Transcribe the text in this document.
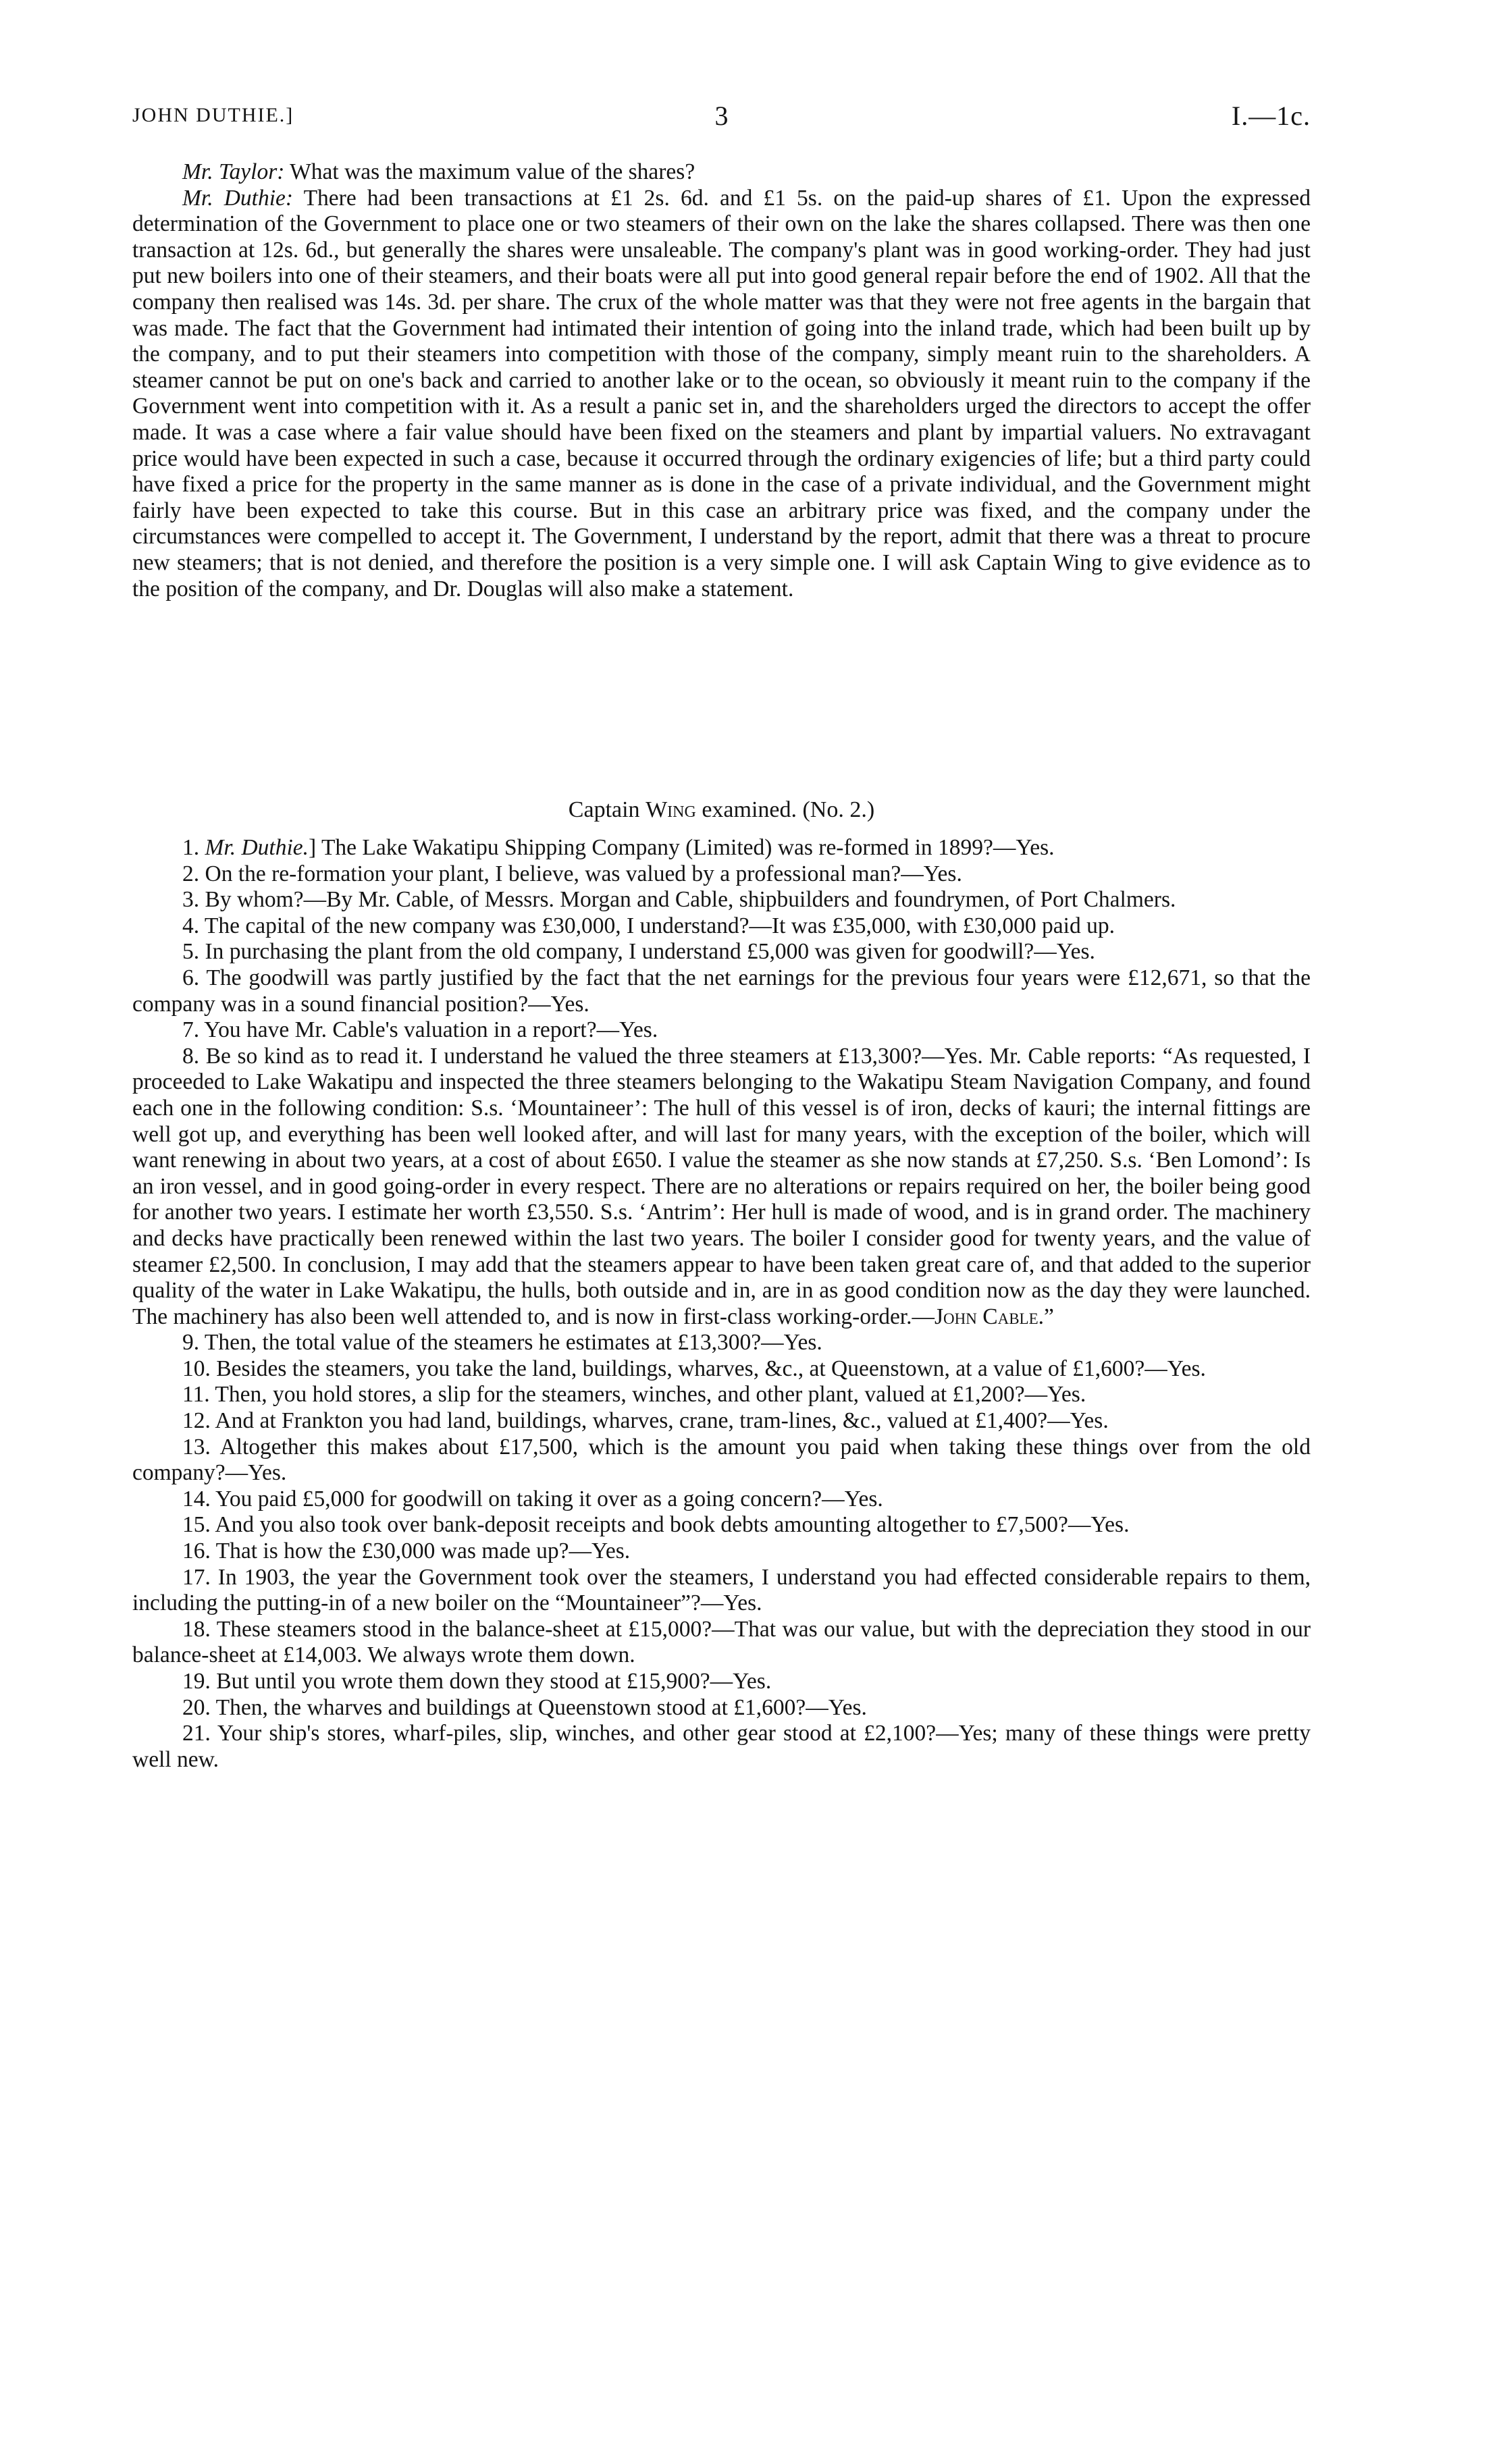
JOHN DUTHIE.]	3	I.—1c.

Mr. Taylor: What was the maximum value of the shares?

Mr. Duthie: There had been transactions at £1 2s. 6d. and £1 5s. on the paid-up shares of £1. Upon the expressed determination of the Government to place one or two steamers of their own on the lake the shares collapsed. There was then one transaction at 12s. 6d., but generally the shares were unsaleable. The company's plant was in good working-order. They had just put new boilers into one of their steamers, and their boats were all put into good general repair before the end of 1902. All that the company then realised was 14s. 3d. per share. The crux of the whole matter was that they were not free agents in the bargain that was made. The fact that the Government had intimated their intention of going into the inland trade, which had been built up by the company, and to put their steamers into competition with those of the company, simply meant ruin to the shareholders. A steamer cannot be put on one's back and carried to another lake or to the ocean, so obviously it meant ruin to the company if the Government went into competition with it. As a result a panic set in, and the shareholders urged the directors to accept the offer made. It was a case where a fair value should have been fixed on the steamers and plant by impartial valuers. No extravagant price would have been expected in such a case, because it occurred through the ordinary exigencies of life; but a third party could have fixed a price for the property in the same manner as is done in the case of a private individual, and the Government might fairly have been expected to take this course. But in this case an arbitrary price was fixed, and the company under the circumstances were compelled to accept it. The Government, I understand by the report, admit that there was a threat to procure new steamers; that is not denied, and therefore the position is a very simple one. I will ask Captain Wing to give evidence as to the position of the company, and Dr. Douglas will also make a statement.

Captain Wing examined. (No. 2.)

1. Mr. Duthie.] The Lake Wakatipu Shipping Company (Limited) was re-formed in 1899?—Yes.

2. On the re-formation your plant, I believe, was valued by a professional man?—Yes.

3. By whom?—By Mr. Cable, of Messrs. Morgan and Cable, shipbuilders and foundrymen, of Port Chalmers.

4. The capital of the new company was £30,000, I understand?—It was £35,000, with £30,000 paid up.

5. In purchasing the plant from the old company, I understand £5,000 was given for goodwill?—Yes.

6. The goodwill was partly justified by the fact that the net earnings for the previous four years were £12,671, so that the company was in a sound financial position?—Yes.

7. You have Mr. Cable's valuation in a report?—Yes.

8. Be so kind as to read it. I understand he valued the three steamers at £13,300?—Yes. Mr. Cable reports: “As requested, I proceeded to Lake Wakatipu and inspected the three steamers belonging to the Wakatipu Steam Navigation Company, and found each one in the following condition: S.s. ‘Mountaineer’: The hull of this vessel is of iron, decks of kauri; the internal fittings are well got up, and everything has been well looked after, and will last for many years, with the exception of the boiler, which will want renewing in about two years, at a cost of about £650. I value the steamer as she now stands at £7,250. S.s. ‘Ben Lomond’: Is an iron vessel, and in good going-order in every respect. There are no alterations or repairs required on her, the boiler being good for another two years. I estimate her worth £3,550. S.s. ‘Antrim’: Her hull is made of wood, and is in grand order. The machinery and decks have practically been renewed within the last two years. The boiler I consider good for twenty years, and the value of steamer £2,500. In conclusion, I may add that the steamers appear to have been taken great care of, and that added to the superior quality of the water in Lake Wakatipu, the hulls, both outside and in, are in as good condition now as the day they were launched. The machinery has also been well attended to, and is now in first-class working-order.—John Cable.”

9. Then, the total value of the steamers he estimates at £13,300?—Yes.

10. Besides the steamers, you take the land, buildings, wharves, &c., at Queenstown, at a value of £1,600?—Yes.

11. Then, you hold stores, a slip for the steamers, winches, and other plant, valued at £1,200?—Yes.

12. And at Frankton you had land, buildings, wharves, crane, tram-lines, &c., valued at £1,400?—Yes.

13. Altogether this makes about £17,500, which is the amount you paid when taking these things over from the old company?—Yes.

14. You paid £5,000 for goodwill on taking it over as a going concern?—Yes.

15. And you also took over bank-deposit receipts and book debts amounting altogether to £7,500?—Yes.

16. That is how the £30,000 was made up?—Yes.

17. In 1903, the year the Government took over the steamers, I understand you had effected considerable repairs to them, including the putting-in of a new boiler on the “Mountaineer”?—Yes.

18. These steamers stood in the balance-sheet at £15,000?—That was our value, but with the depreciation they stood in our balance-sheet at £14,003. We always wrote them down.

19. But until you wrote them down they stood at £15,900?—Yes.

20. Then, the wharves and buildings at Queenstown stood at £1,600?—Yes.

21. Your ship's stores, wharf-piles, slip, winches, and other gear stood at £2,100?—Yes; many of these things were pretty well new.
